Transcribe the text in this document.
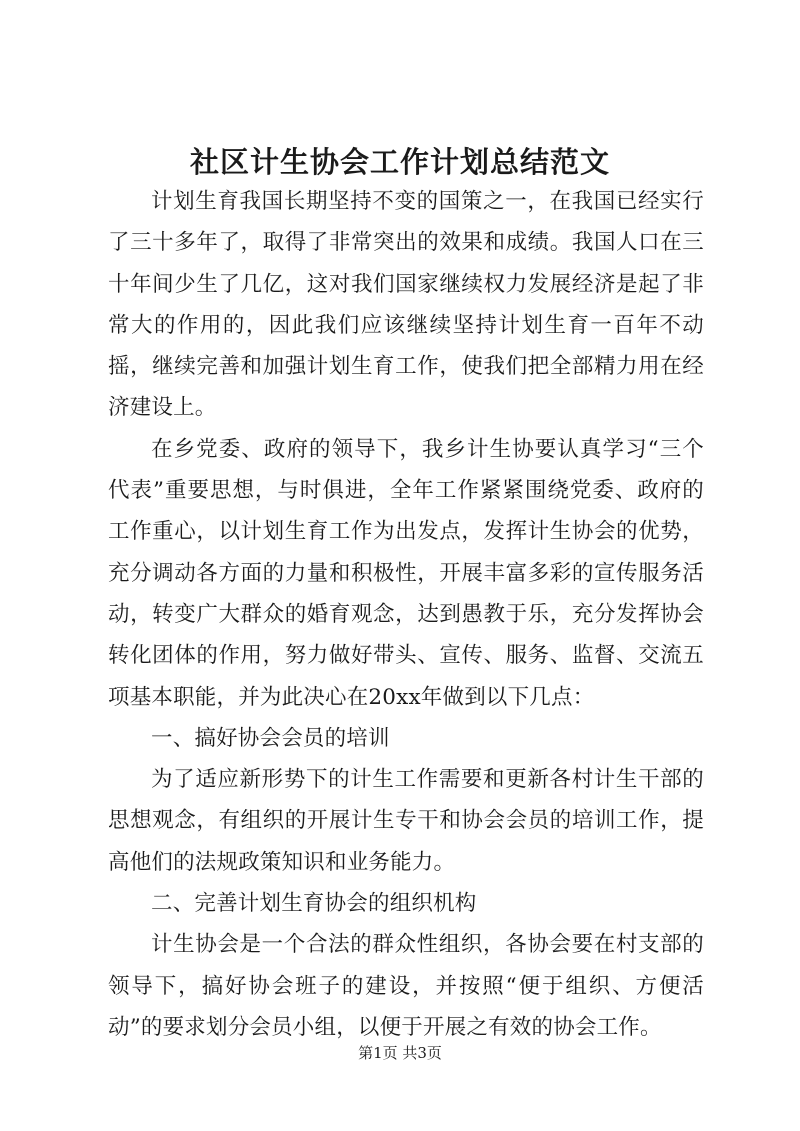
社区计生协会工作计划总结范文

计划生育我国长期坚持不变的国策之一，在我国已经实行了三十多年了，取得了非常突出的效果和成绩。我国人口在三十年间少生了几亿，这对我们国家继续权力发展经济是起了非常大的作用的，因此我们应该继续坚持计划生育一百年不动摇，继续完善和加强计划生育工作，使我们把全部精力用在经济建设上。

在乡党委、政府的领导下，我乡计生协要认真学习“三个代表”重要思想，与时俱进，全年工作紧紧围绕党委、政府的工作重心，以计划生育工作为出发点，发挥计生协会的优势，充分调动各方面的力量和积极性，开展丰富多彩的宣传服务活动，转变广大群众的婚育观念，达到愚教于乐，充分发挥协会转化团体的作用，努力做好带头、宣传、服务、监督、交流五项基本职能，并为此决心在20xx年做到以下几点：

一、搞好协会会员的培训

为了适应新形势下的计生工作需要和更新各村计生干部的思想观念，有组织的开展计生专干和协会会员的培训工作，提高他们的法规政策知识和业务能力。

二、完善计划生育协会的组织机构

计生协会是一个合法的群众性组织，各协会要在村支部的领导下，搞好协会班子的建设，并按照“便于组织、方便活动”的要求划分会员小组，以便于开展之有效的协会工作。

第1页 共3页
